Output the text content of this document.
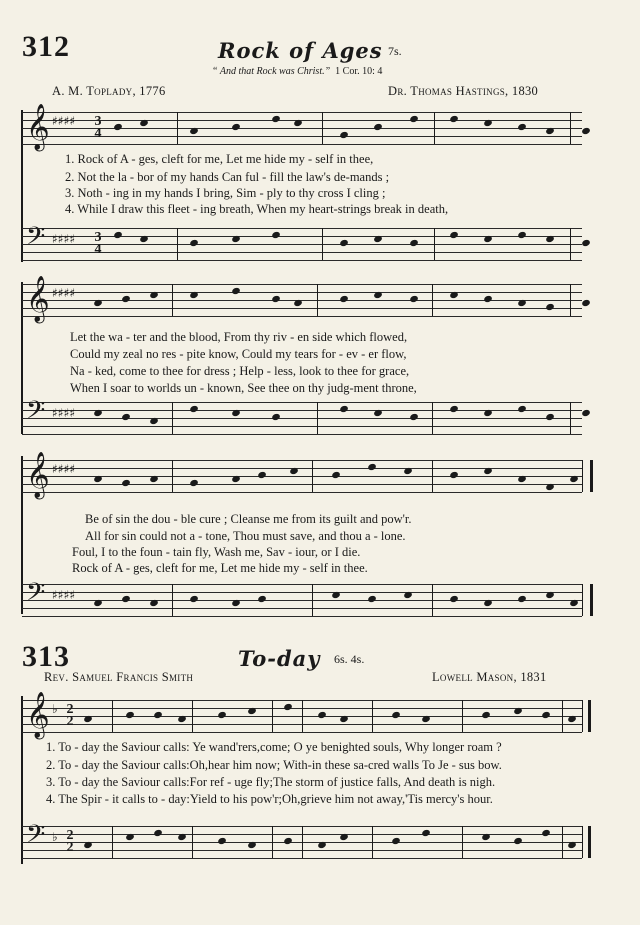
312	Rock of Ages 7s.
“ And that Rock was Christ.” 1 Cor. 10: 4
A. M. Toplady, 1776	Dr. Thomas Hastings, 1830
𝄞 ♯♯♯♯ 3
4
1. Rock of A - ges, cleft for me, Let me hide my - self in thee,
2. Not the la - bor of my hands Can ful - fill the law's de-mands ;
3. Noth - ing in my hands I bring, Sim - ply to thy cross I cling ;
4. While I draw this fleet - ing breath, When my heart-strings break in death,
𝄢 ♯♯♯♯ 3
4
𝄞 ♯♯♯♯
Let the wa - ter and the blood, From thy riv - en side which flowed,
Could my zeal no res - pite know, Could my tears for - ev - er flow,
Na - ked, come to thee for dress ; Help - less, look to thee for grace,
When I soar to worlds un - known, See thee on thy judg-ment throne,
𝄢 ♯♯♯♯
𝄞 ♯♯♯♯
Be of sin the dou - ble cure ; Cleanse me from its guilt and pow'r.
All for sin could not a - tone, Thou must save, and thou a - lone.
Foul, I to the foun - tain fly, Wash me, Sav - iour, or I die.
Rock of A - ges, cleft for me, Let me hide my - self in thee.
𝄢 ♯♯♯♯
313	To-day 6s. 4s.
Rev. Samuel Francis Smith	Lowell Mason, 1831
𝄞 ♭ 2
2
1. To - day the Saviour calls: Ye wand'rers,come; O ye benighted souls, Why longer roam ?
2. To - day the Saviour calls:Oh,hear him now; With-in these sa-cred walls To Je - sus bow.
3. To - day the Saviour calls:For ref - uge fly;The storm of justice falls, And death is nigh.
4. The Spir - it calls to - day:Yield to his pow'r;Oh,grieve him not away,'Tis mercy's hour.
𝄢 ♭ 2
2
